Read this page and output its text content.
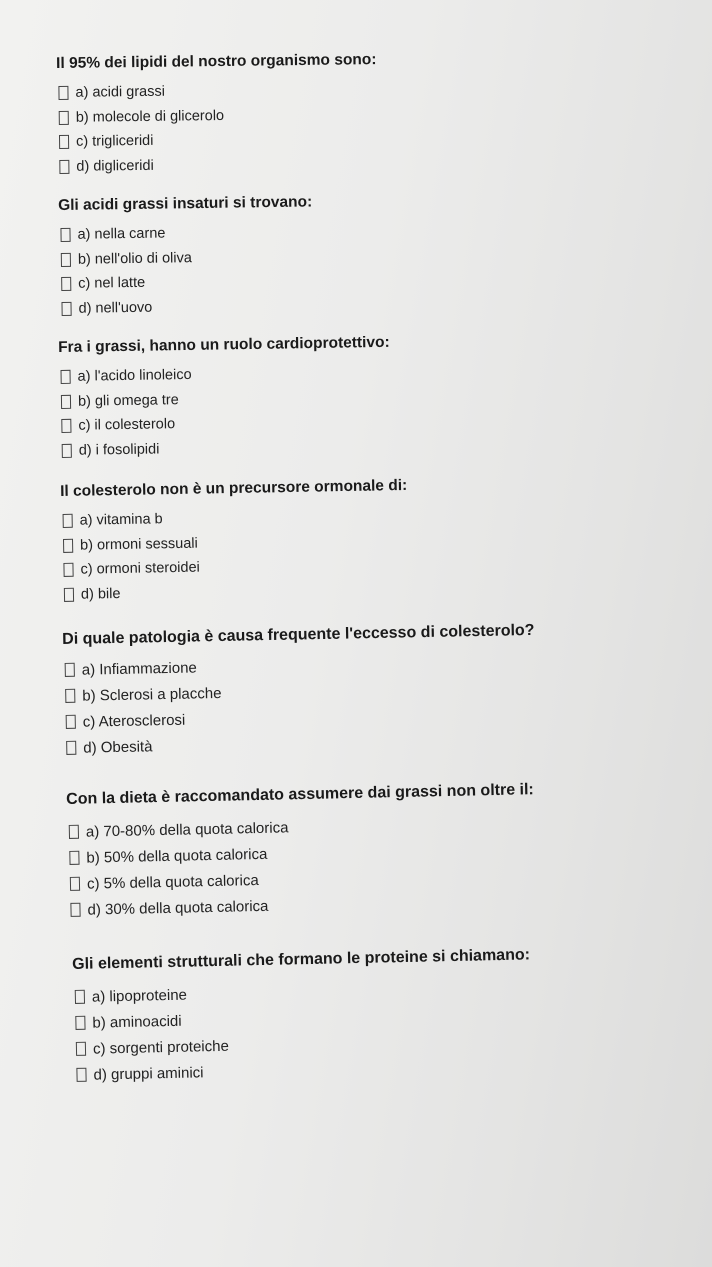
Il 95% dei lipidi del nostro organismo sono:
a) acidi grassi
b) molecole di glicerolo
c) trigliceridi
d) digliceridi
Gli acidi grassi insaturi si trovano:
a) nella carne
b) nell'olio di oliva
c) nel latte
d) nell'uovo
Fra i grassi, hanno un ruolo cardioprotettivo:
a) l'acido linoleico
b) gli omega tre
c) il colesterolo
d) i fosolipidi
Il colesterolo non è un precursore ormonale di:
a) vitamina b
b) ormoni sessuali
c) ormoni steroidei
d) bile
Di quale patologia è causa frequente l'eccesso di colesterolo?
a) Infiammazione
b) Sclerosi a placche
c) Aterosclerosi
d) Obesità
Con la dieta è raccomandato assumere dai grassi non oltre il:
a) 70-80% della quota calorica
b) 50% della quota calorica
c) 5% della quota calorica
d) 30% della quota calorica
Gli elementi strutturali che formano le proteine si chiamano:
a) lipoproteine
b) aminoacidi
c) sorgenti proteiche
d) gruppi aminici
